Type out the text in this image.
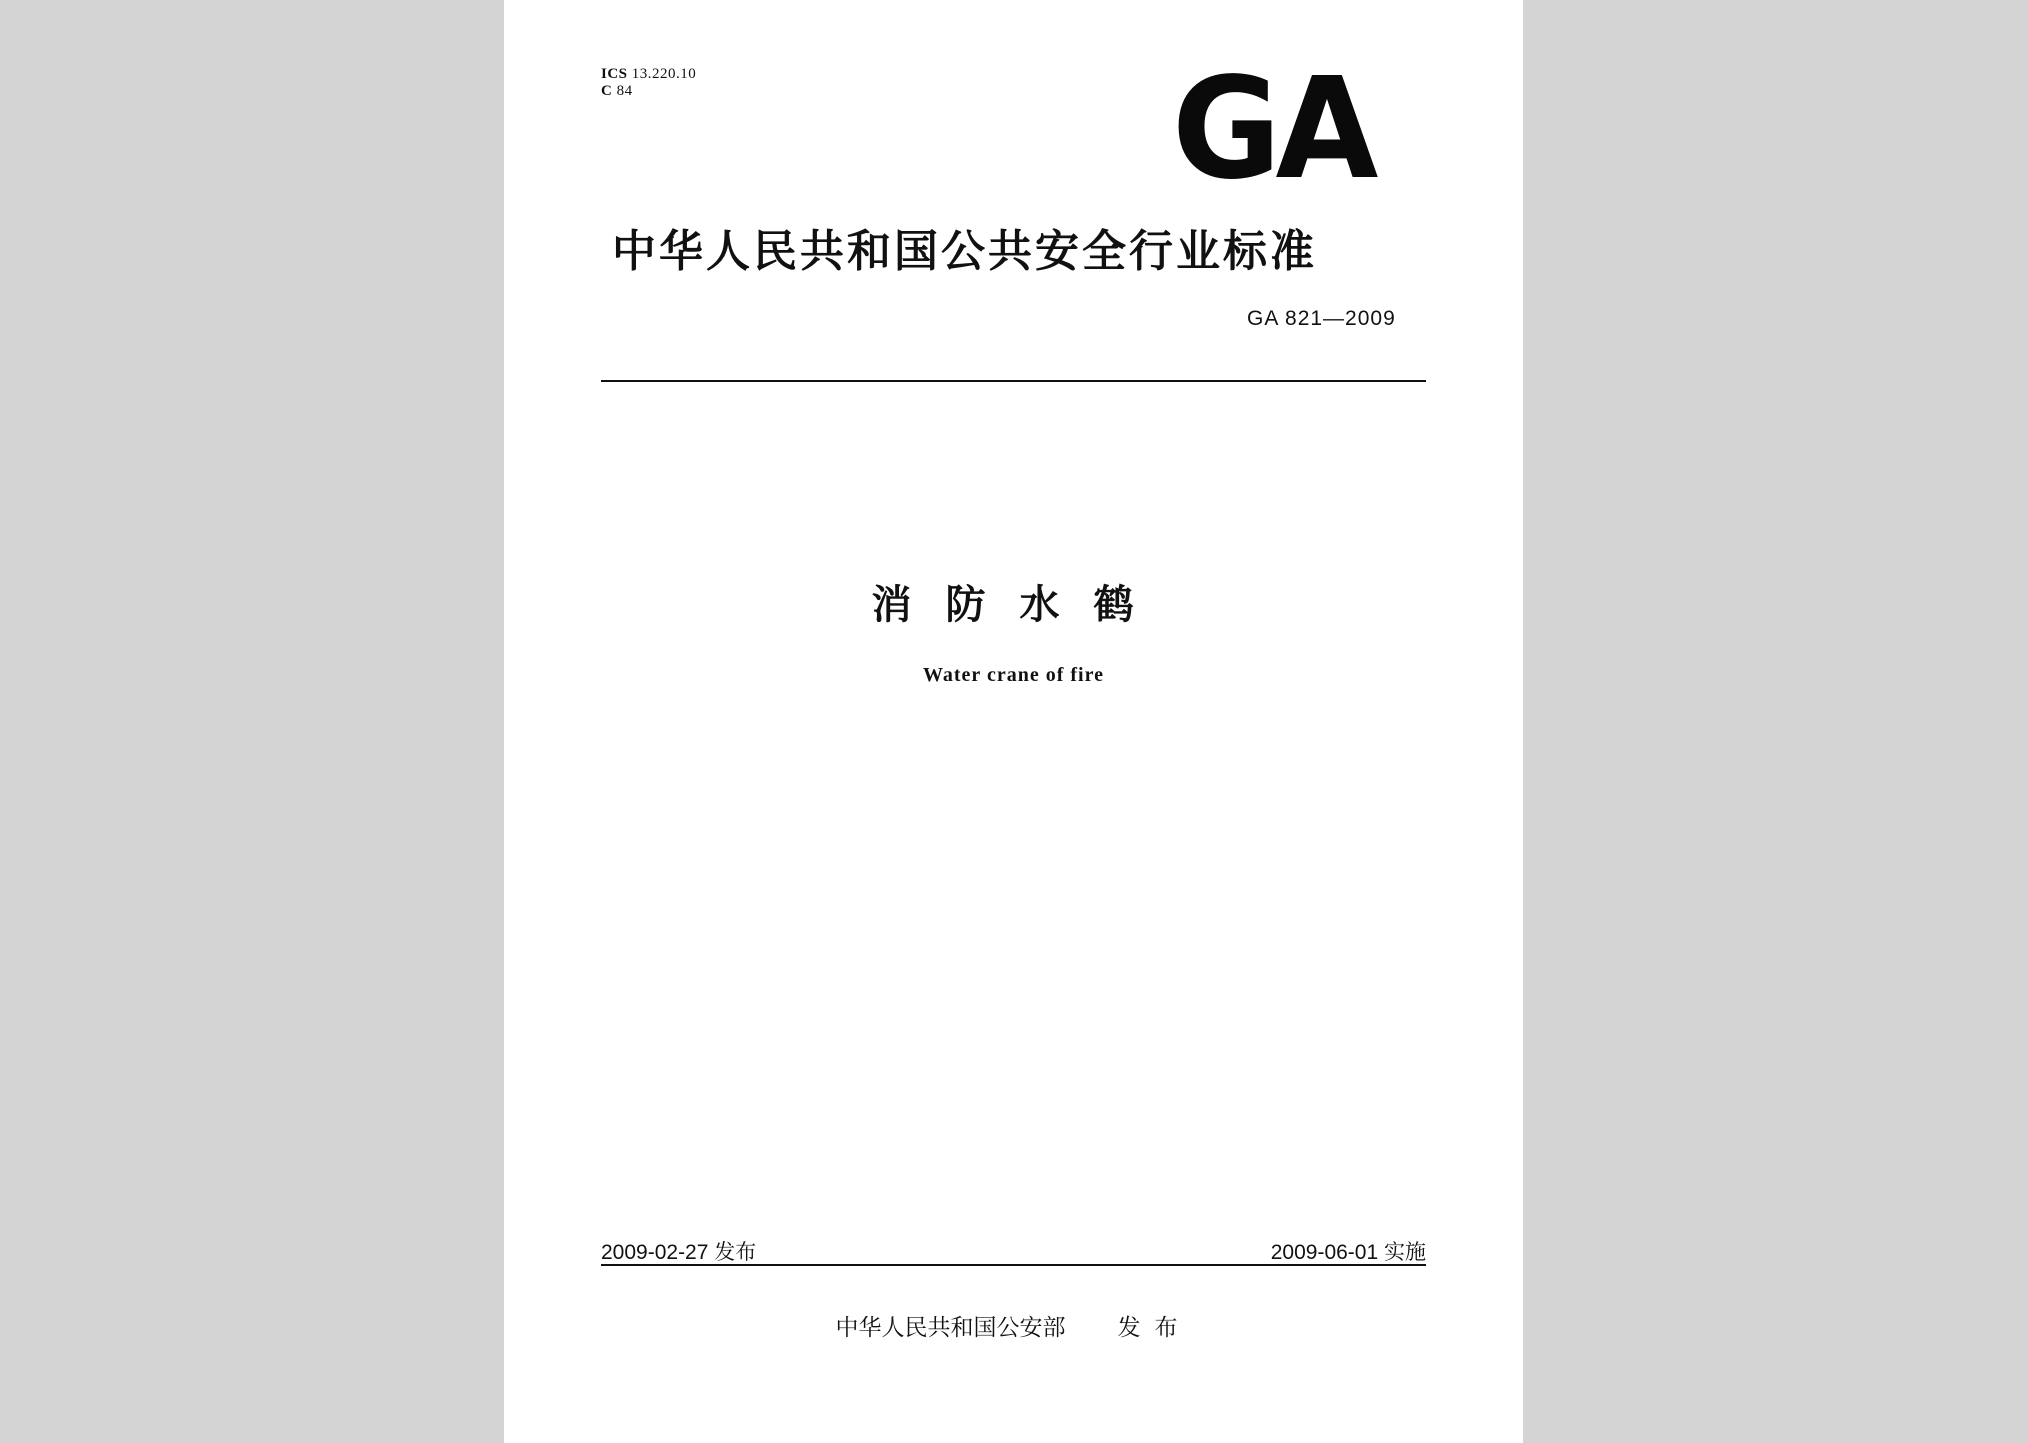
ICS 13.220.10
C 84	GA
中华人民共和国公共安全行业标准
GA 821—2009
消防水鹤
Water crane of fire
2009-02-27 发布	2009-06-01 实施
中华人民共和国公安部 发布
